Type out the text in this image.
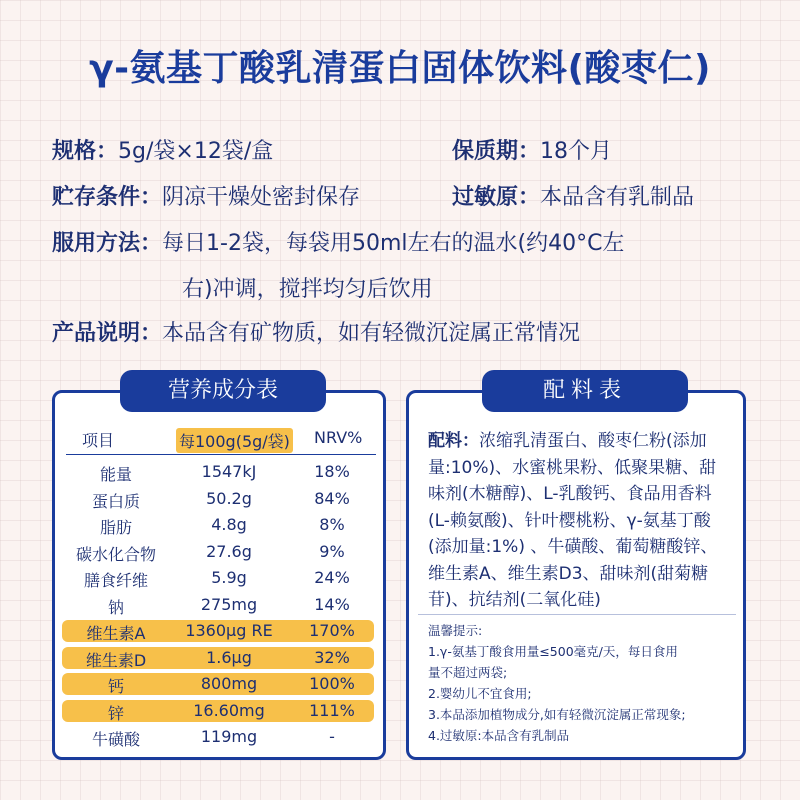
γ-氨基丁酸乳清蛋白固体饮料(酸枣仁)
规格：5g/袋×12袋/盒	保质期：18个月
贮存条件：阴凉干燥处密封保存	过敏原：本品含有乳制品
服用方法：每日1-2袋，每袋用50ml左右的温水(约40°C左
右)冲调，搅拌均匀后饮用
产品说明：本品含有矿物质，如有轻微沉淀属正常情况
营养成分表
项目	每100g(5g/袋) NRV%
能量	1547kJ	18%
蛋白质	50.2g	84%
脂肪	4.8g	8%
碳水化合物	27.6g	9%
膳食纤维	5.9g	24%
钠	275mg	14%
维生素A	1360µg RE	170%
维生素D	1.6µg	32%
钙	800mg	100%
锌	16.60mg	111%
牛磺酸	119mg	-
配料表
配料：浓缩乳清蛋白、酸枣仁粉(添加量:10%)、水蜜桃果粉、低聚果糖、甜味剂(木糖醇)、L-乳酸钙、食品用香料(L-赖氨酸)、针叶樱桃粉、γ-氨基丁酸(添加量:1%) 、牛磺酸、葡萄糖酸锌、维生素A、维生素D3、甜味剂(甜菊糖苷)、抗结剂(二氧化硅)
温馨提示:
1.γ-氨基丁酸食用量≤500毫克/天，每日食用
量不超过两袋;
2.婴幼儿不宜食用;
3.本品添加植物成分,如有轻微沉淀属正常现象;
4.过敏原:本品含有乳制品
